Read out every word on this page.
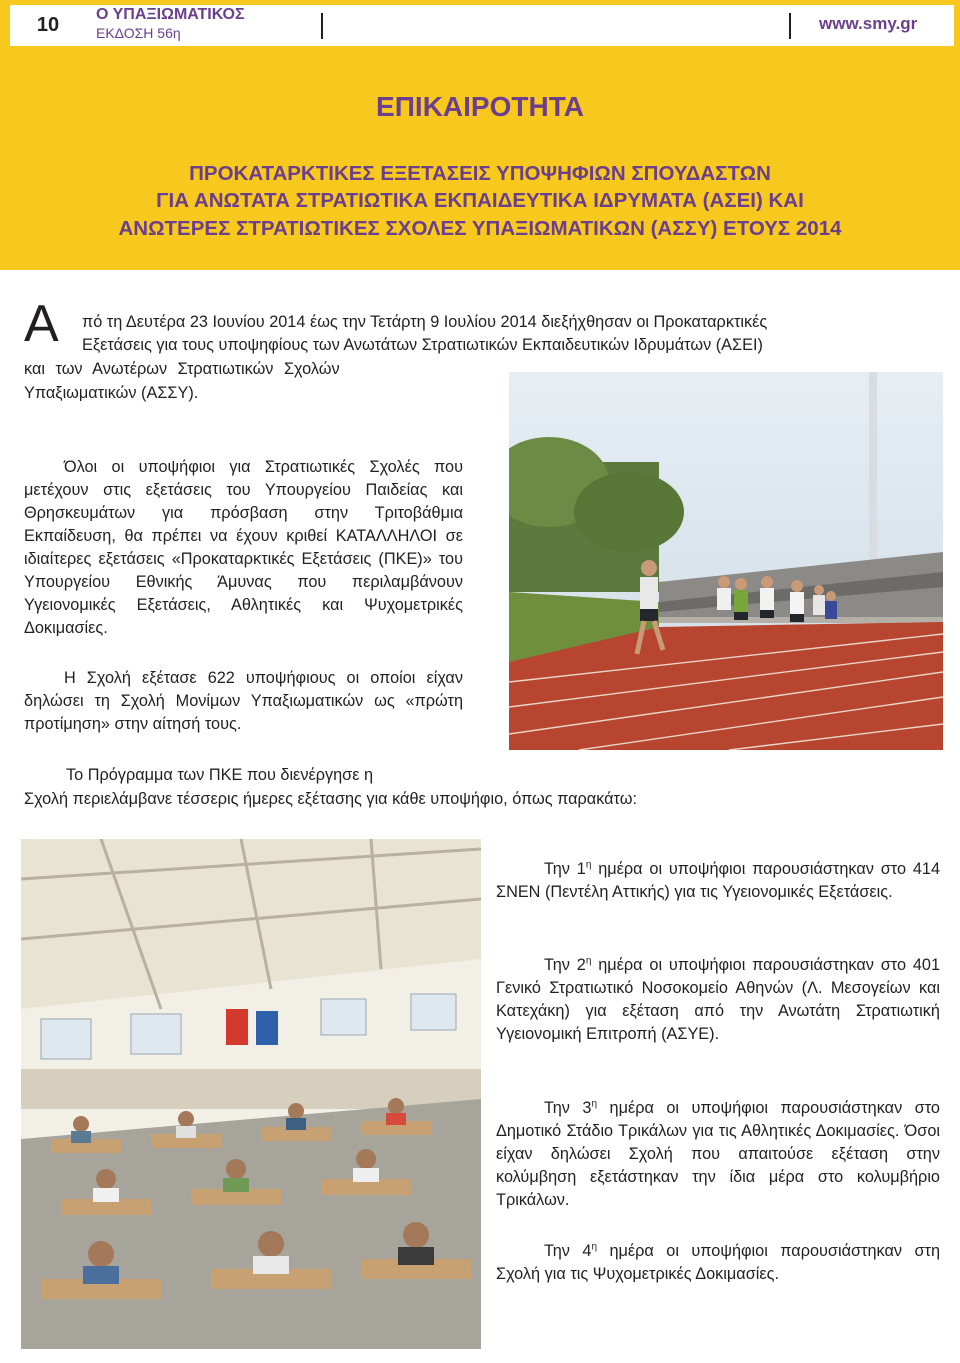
10 Ο ΥΠΑΞΙΩΜΑΤΙΚΟΣ
ΕΚΔΟΣΗ 56η	www.smy.gr
ΕΠΙΚΑΙΡΟΤΗΤΑ
ΠΡΟΚΑΤΑΡΚΤΙΚΕΣ ΕΞΕΤΑΣΕΙΣ ΥΠΟΨΗΦΙΩΝ ΣΠΟΥΔΑΣΤΩΝ
ΓΙΑ ΑΝΩΤΑΤΑ ΣΤΡΑΤΙΩΤΙΚΑ ΕΚΠΑΙΔΕΥΤΙΚΑ ΙΔΡΥΜΑΤΑ (ΑΣΕΙ) ΚΑΙ
ΑΝΩΤΕΡΕΣ ΣΤΡΑΤΙΩΤΙΚΕΣ ΣΧΟΛΕΣ ΥΠΑΞΙΩΜΑΤΙΚΩΝ (ΑΣΣΥ) ΕΤΟΥΣ 2014
Α πό τη Δευτέρα 23 Ιουνίου 2014 έως την Τετάρτη 9 Ιουλίου 2014 διεξήχθησαν οι Προκαταρκτικές
Εξετάσεις για τους υποψηφίους των Ανωτάτων Στρατιωτικών Εκπαιδευτικών Ιδρυμάτων (ΑΣΕΙ)
και των Ανωτέρων Στρατιωτικών Σχολών
Υπαξιωματικών (ΑΣΣΥ).
Όλοι οι υποψήφιοι για Στρατιωτικές Σχολές που μετέχουν στις εξετάσεις του Υπουργείου Παιδείας και Θρησκευμάτων για πρόσβαση στην Τριτοβάθμια Εκπαίδευση, θα πρέπει να έχουν κριθεί ΚΑΤΑΛΛΗΛΟΙ σε ιδιαίτερες εξετάσεις «Προκαταρκτικές Εξετάσεις (ΠΚΕ)» του Υπουργείου Εθνικής Άμυνας που περιλαμβάνουν Υγειονομικές Εξετάσεις, Αθλητικές και Ψυχομετρικές Δοκιμασίες.
Η Σχολή εξέτασε 622 υποψήφιους οι οποίοι είχαν δηλώσει τη Σχολή Μονίμων Υπαξιωματικών ως «πρώτη προτίμηση» στην αίτησή τους.
Το Πρόγραμμα των ΠΚΕ που διενέργησε η
Σχολή περιελάμβανε τέσσερις ήμερες εξέτασης για κάθε υποψήφιο, όπως παρακάτω:
Την $1^\eta$ ημέρα οι υποψήφιοι παρουσιάστηκαν στο 414 ΣΝΕΝ (Πεντέλη Αττικής) για τις Υγειονομικές Εξετάσεις.
Την $2^\eta$ ημέρα οι υποψήφιοι παρουσιάστηκαν στο 401 Γενικό Στρατιωτικό Νοσοκομείο Αθηνών (Λ. Μεσογείων και Κατεχάκη) για εξέταση από την Ανωτάτη Στρατιωτική Υγειονομική Επιτροπή (ΑΣΥΕ).
Την $3^\eta$ ημέρα οι υποψήφιοι παρουσιάστηκαν στο Δημοτικό Στάδιο Τρικάλων για τις Αθλητικές Δοκιμασίες. Όσοι είχαν δηλώσει Σχολή που απαιτούσε εξέταση στην κολύμβηση εξετάστηκαν την ίδια μέρα στο κολυμβήριο Τρικάλων.
Την $4^\eta$ ημέρα οι υποψήφιοι παρουσιάστηκαν στη Σχολή για τις Ψυχομετρικές Δοκιμασίες.
